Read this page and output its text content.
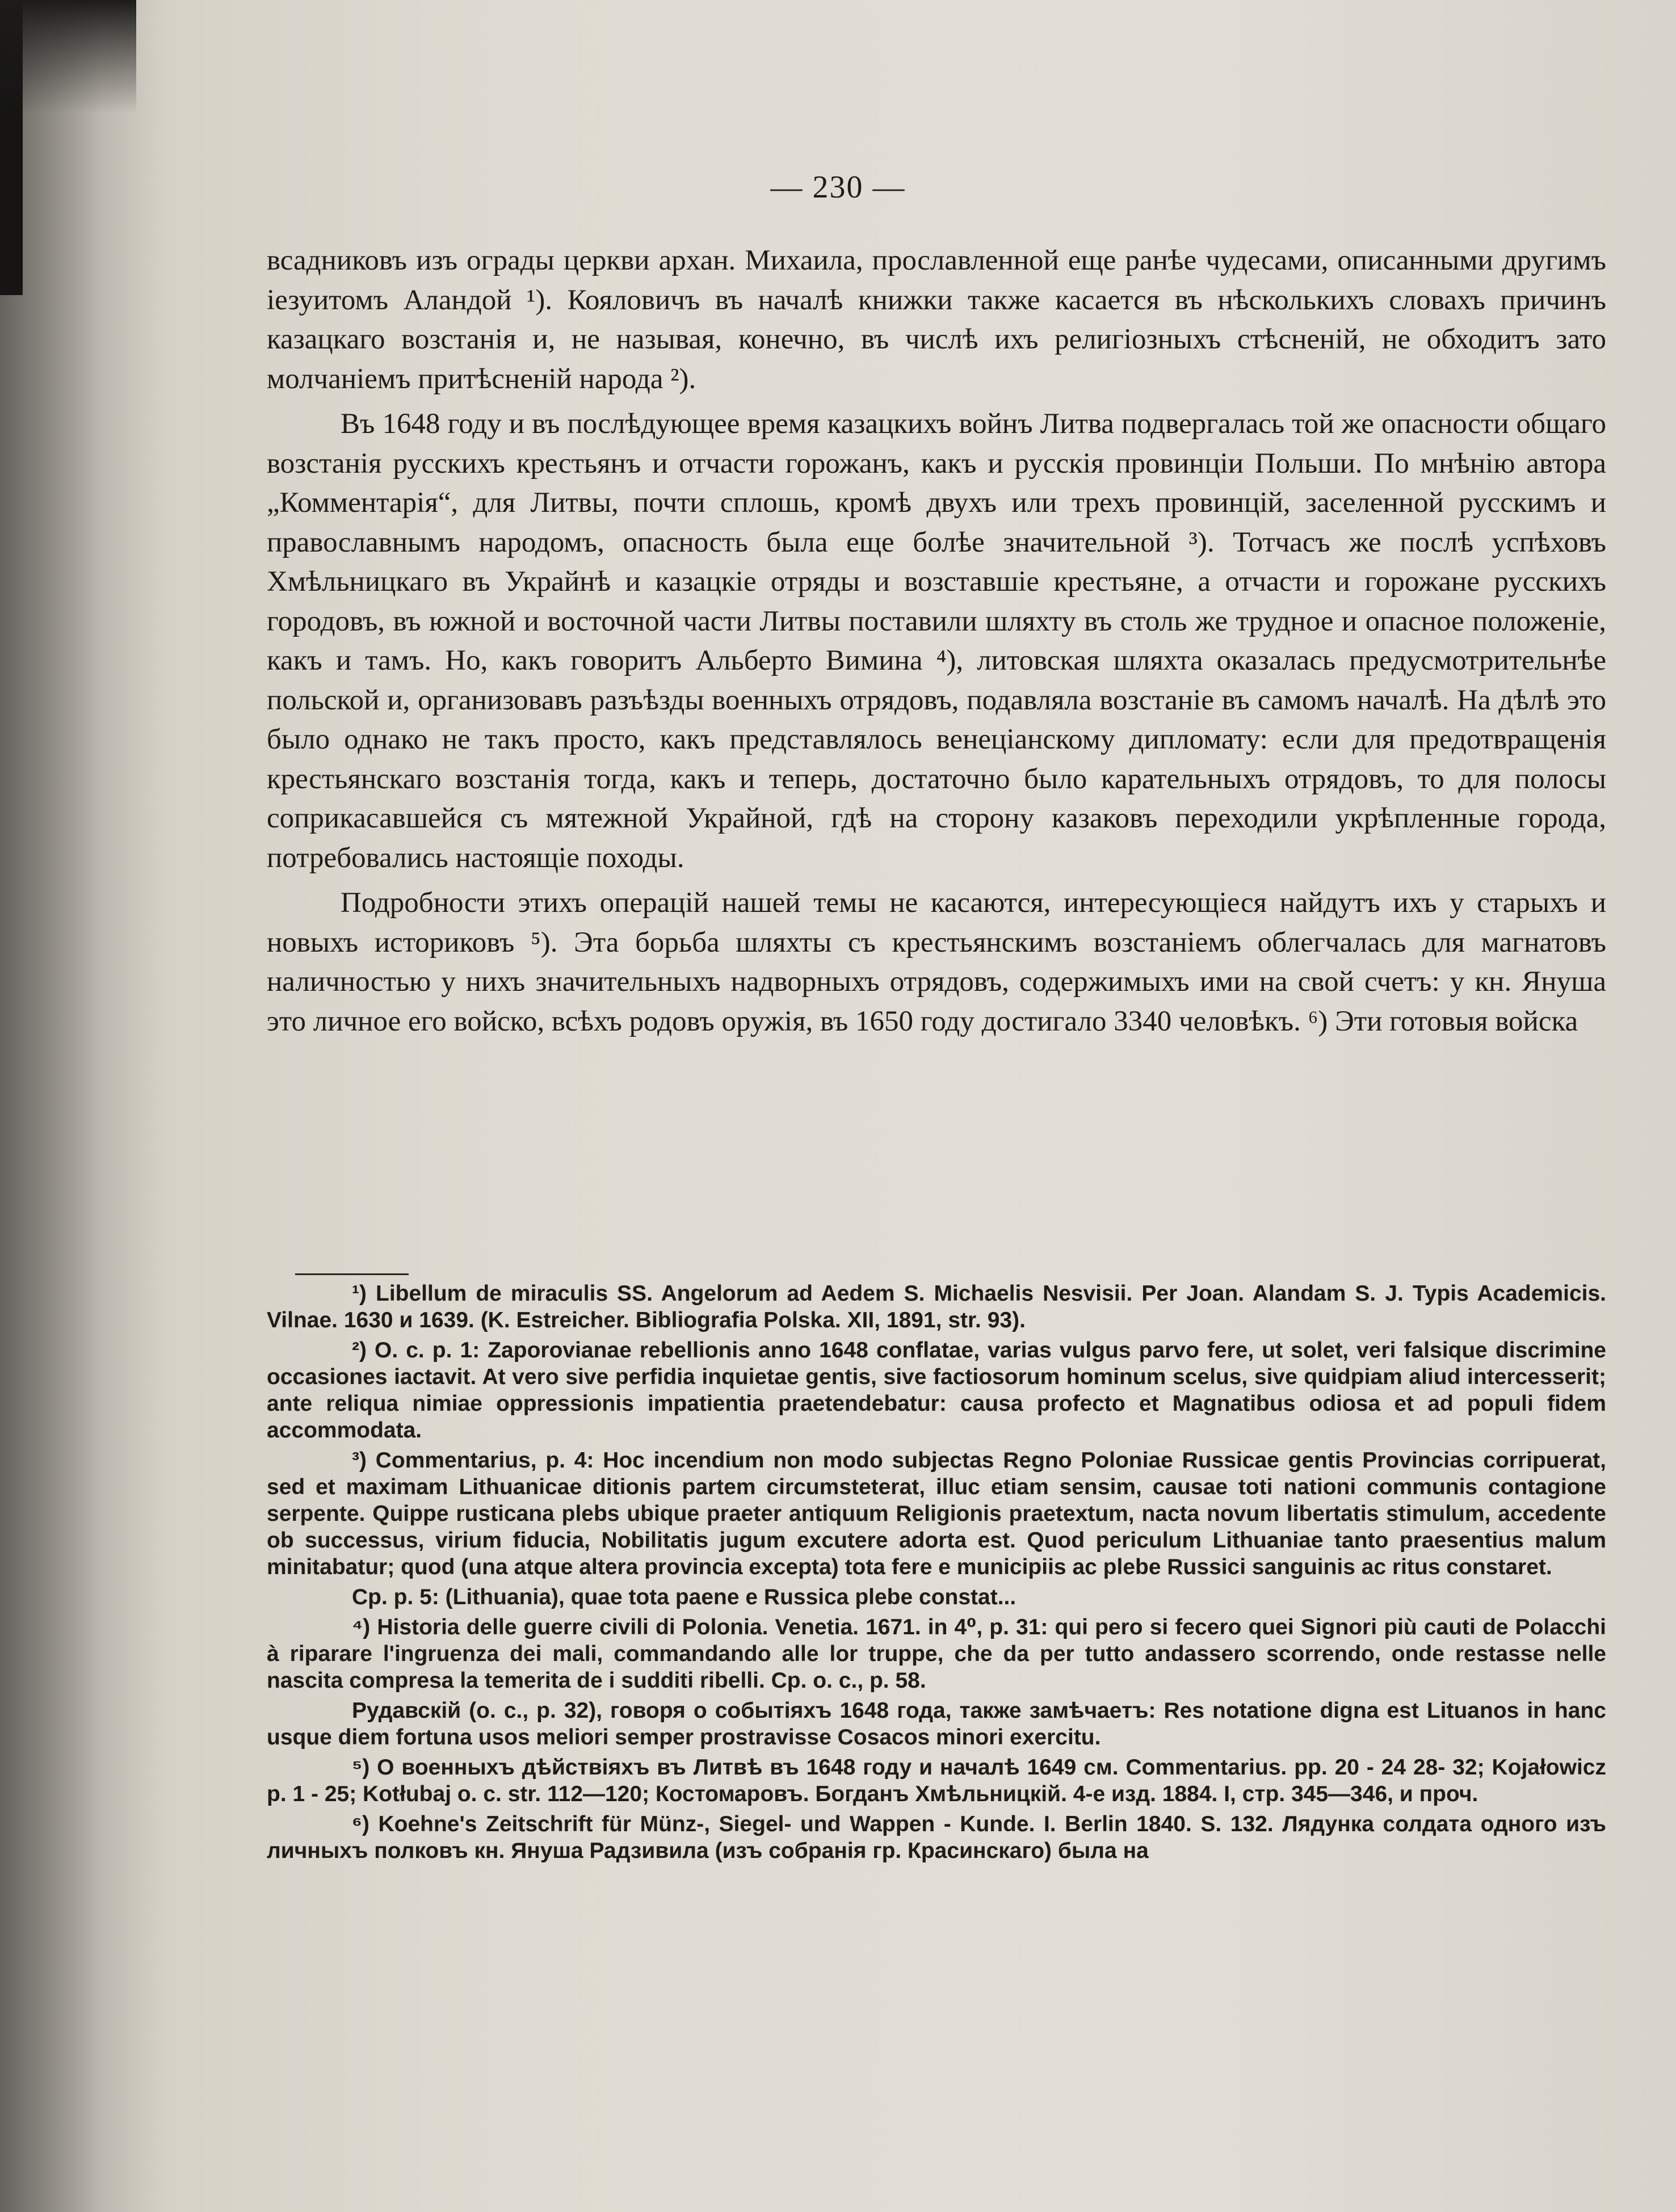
— 230 —

всадниковъ изъ ограды церкви архан. Михаила, прославленной еще ранѣе чудесами, описанными другимъ іезуитомъ Аландой ¹). Кояловичъ въ началѣ книжки также касается въ нѣсколькихъ словахъ причинъ казацкаго возстанія и, не называя, конечно, въ числѣ ихъ религіозныхъ стѣсненій, не обходитъ зато молчаніемъ притѣсненій народа ²).

Въ 1648 году и въ послѣдующее время казацкихъ войнъ Литва подвергалась той же опасности общаго возстанія русскихъ крестьянъ и отчасти горожанъ, какъ и русскія провинціи Польши. По мнѣнію автора „Комментарія“, для Литвы, почти сплошь, кромѣ двухъ или трехъ провинцій, заселенной русскимъ и православнымъ народомъ, опасность была еще болѣе значительной ³). Тотчасъ же послѣ успѣховъ Хмѣльницкаго въ Украйнѣ и казацкіе отряды и возставшіе крестьяне, а отчасти и горожане русскихъ городовъ, въ южной и восточной части Литвы поставили шляхту въ столь же трудное и опасное положеніе, какъ и тамъ. Но, какъ говоритъ Альберто Вимина ⁴), литовская шляхта оказалась предусмотрительнѣе польской и, организовавъ разъѣзды военныхъ отрядовъ, подавляла возстаніе въ самомъ началѣ. На дѣлѣ это было однако не такъ просто, какъ представлялось венеціанскому дипломату: если для предотвращенія крестьянскаго возстанія тогда, какъ и теперь, достаточно было карательныхъ отрядовъ, то для полосы соприкасавшейся съ мятежной Украйной, гдѣ на сторону казаковъ переходили укрѣпленные города, потребовались настоящіе походы.

Подробности этихъ операцій нашей темы не касаются, интересующіеся найдутъ ихъ у старыхъ и новыхъ историковъ ⁵). Эта борьба шляхты съ крестьянскимъ возстаніемъ облегчалась для магнатовъ наличностью у нихъ значительныхъ надворныхъ отрядовъ, содержимыхъ ими на свой счетъ: у кн. Януша это личное его войско, всѣхъ родовъ оружія, въ 1650 году достигало 3340 человѣкъ. ⁶) Эти готовыя войска

¹) Libellum de miraculis SS. Angelorum ad Aedem S. Michaelis Nesvisii. Per Joan. Alandam S. J. Typis Academicis. Vilnae. 1630 и 1639. (K. Estreicher. Bibliografia Polska. XII, 1891, str. 93).

²) O. c. p. 1: Zaporovianae rebellionis anno 1648 conflatae, varias vulgus parvo fere, ut solet, veri falsique discrimine occasiones iactavit. At vero sive perfidia inquietae gentis, sive factiosorum hominum scelus, sive quidpiam aliud intercesserit; ante reliqua nimiae oppressionis impatientia praetendebatur: causa profecto et Magnatibus odiosa et ad populi fidem accommodata.

³) Commentarius, p. 4: Hoc incendium non modo subjectas Regno Poloniae Russicae gentis Provincias corripuerat, sed et maximam Lithuanicae ditionis partem circumsteterat, illuc etiam sensim, causae toti nationi communis contagione serpente. Quippe rusticana plebs ubique praeter antiquum Religionis praetextum, nacta novum libertatis stimulum, accedente ob successus, virium fiducia, Nobilitatis jugum excutere adorta est. Quod periculum Lithuaniae tanto praesentius malum minitabatur; quod (una atque altera provincia excepta) tota fere e municipiis ac plebe Russici sanguinis ac ritus constaret.

Cp. p. 5: (Lithuania), quae tota paene e Russica plebe constat...

⁴) Historia delle guerre civili di Polonia. Venetia. 1671. in 4⁰, p. 31: qui pero si fecero quei Signori più cauti de Polacchi à riparare l'ingruenza dei mali, commandando alle lor truppe, che da per tutto andassero scorrendo, onde restasse nelle nascita compresa la temerita de i sudditi ribelli. Cp. o. c., p. 58.

Рудавскій (o. c., p. 32), говоря о событіяхъ 1648 года, также замѣчаетъ: Res notatione digna est Lituanos in hanc usque diem fortuna usos meliori semper prostravisse Cosacos minori exercitu.

⁵) О военныхъ дѣйствіяхъ въ Литвѣ въ 1648 году и началѣ 1649 см. Commentarius. pp. 20 - 24 28- 32; Kojałowicz p. 1 - 25; Kotłubaj o. c. str. 112—120; Костомаровъ. Богданъ Хмѣльницкій. 4-е изд. 1884. I, стр. 345—346, и проч.

⁶) Koehne's Zeitschrift für Münz-, Siegel- und Wappen - Kunde. I. Berlin 1840. S. 132. Лядунка солдата одного изъ личныхъ полковъ кн. Януша Радзивила (изъ собранія гр. Красинскаго) была на
